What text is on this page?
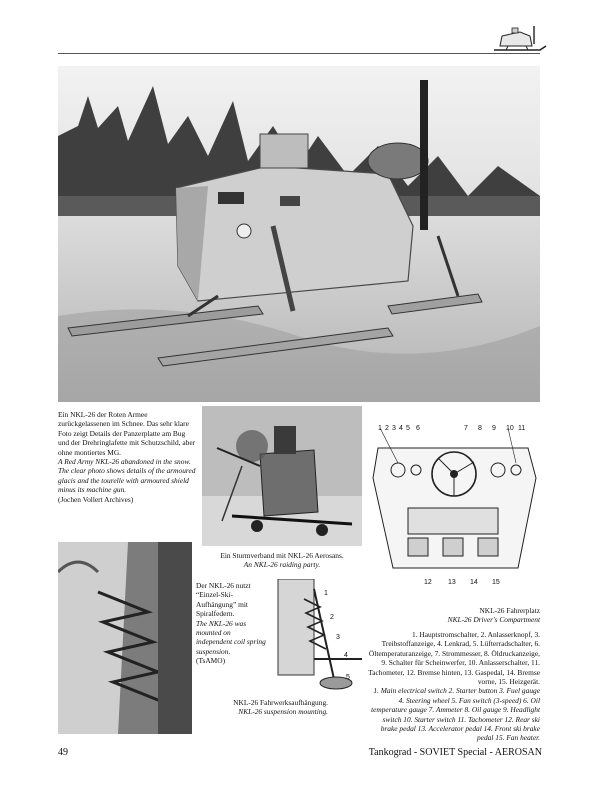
Ein NKL-26 der Roten Armee zurückgelassenen im Schnee. Das sehr klare Foto zeigt Details der Panzerplatte am Bug und der Drehringlafette mit Schutzschild, aber ohne montiertes MG.
A Red Army NKL-26 abandoned in the snow. The clear photo shows details of the armoured glacis and the tourelle with armoured shield minus its machine gun.
(Jochen Vollert Archives)
Ein Sturmverband mit NKL-26 Aerosans.
An NKL-26 raiding party.
1 2 3 4 5 6	7 8 9 10 11
12 13 14 15
Der NKL-26 nutzt “Einzel-Ski-Aufhängung” mit Spiralfedern.
The NKL-26 was mounted on independent coil spring suspension.
(TsAMO)
1
2
3
4
5
NKL-26 Fahrwerksaufhängung.
NKL-26 suspension mounting.
NKL-26 Fahrerplatz
NKL-26 Driver's Compartment
1. Hauptstromschalter, 2. Anlasserknopf, 3. Treibstoffanzeige, 4. Lenkrad, 5. Lüfterradschalter, 6. Öltemperaturanzeige, 7. Strommesser, 8. Öldruckanzeige, 9. Schalter für Scheinwerfer, 10. Anlasserschalter, 11. Tachometer, 12. Bremse hinten, 13. Gaspedal, 14. Bremse vorne, 15. Heizgerät.
1. Main electrical switch 2. Starter button 3. Fuel gauge 4. Steering wheel 5. Fan switch (3-speed) 6. Oil temperature gauge 7. Ammeter 8. Oil gauge 9. Headlight switch 10. Starter switch 11. Tachometer 12. Rear ski brake pedal 13. Accelerator pedal 14. Front ski brake pedal 15. Fan heater.
49	Tankograd - SOVIET Special - AEROSAN
